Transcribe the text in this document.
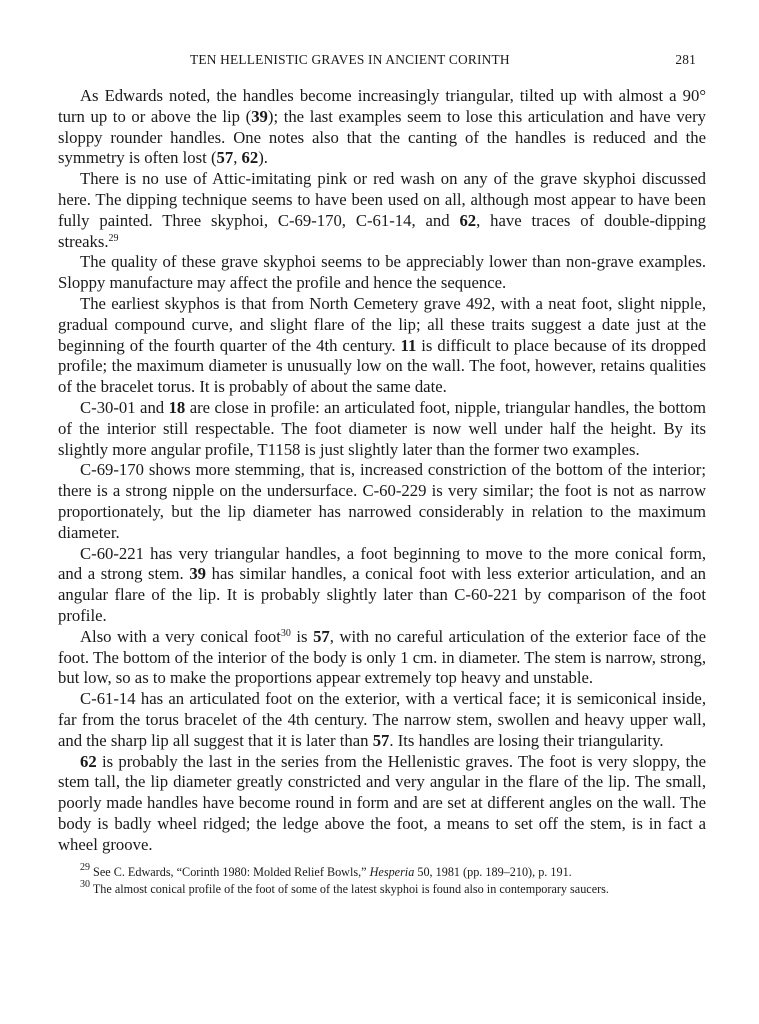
TEN HELLENISTIC GRAVES IN ANCIENT CORINTH	281

As Edwards noted, the handles become increasingly triangular, tilted up with almost a 90° turn up to or above the lip (39); the last examples seem to lose this articulation and have very sloppy rounder handles. One notes also that the canting of the handles is reduced and the symmetry is often lost (57, 62).

There is no use of Attic-imitating pink or red wash on any of the grave skyphoi discussed here. The dipping technique seems to have been used on all, although most appear to have been fully painted. Three skyphoi, C-69-170, C-61-14, and 62, have traces of double-dipping streaks.$^{29}$

The quality of these grave skyphoi seems to be appreciably lower than non-grave examples. Sloppy manufacture may affect the profile and hence the sequence.

The earliest skyphos is that from North Cemetery grave 492, with a neat foot, slight nipple, gradual compound curve, and slight flare of the lip; all these traits suggest a date just at the beginning of the fourth quarter of the 4th century. 11 is difficult to place because of its dropped profile; the maximum diameter is unusually low on the wall. The foot, however, retains qualities of the bracelet torus. It is probably of about the same date.

C-30-01 and 18 are close in profile: an articulated foot, nipple, triangular handles, the bottom of the interior still respectable. The foot diameter is now well under half the height. By its slightly more angular profile, T1158 is just slightly later than the former two examples.

C-69-170 shows more stemming, that is, increased constriction of the bottom of the interior; there is a strong nipple on the undersurface. C-60-229 is very similar; the foot is not as narrow proportionately, but the lip diameter has narrowed considerably in relation to the maximum diameter.

C-60-221 has very triangular handles, a foot beginning to move to the more conical form, and a strong stem. 39 has similar handles, a conical foot with less exterior articulation, and an angular flare of the lip. It is probably slightly later than C-60-221 by comparison of the foot profile.

Also with a very conical foot$^{30}$ is 57, with no careful articulation of the exterior face of the foot. The bottom of the interior of the body is only 1 cm. in diameter. The stem is narrow, strong, but low, so as to make the proportions appear extremely top heavy and unstable.

C-61-14 has an articulated foot on the exterior, with a vertical face; it is semiconical inside, far from the torus bracelet of the 4th century. The narrow stem, swollen and heavy upper wall, and the sharp lip all suggest that it is later than 57. Its handles are losing their triangularity.

62 is probably the last in the series from the Hellenistic graves. The foot is very sloppy, the stem tall, the lip diameter greatly constricted and very angular in the flare of the lip. The small, poorly made handles have become round in form and are set at different angles on the wall. The body is badly wheel ridged; the ledge above the foot, a means to set off the stem, is in fact a wheel groove.

$^{29}$ See C. Edwards, “Corinth 1980: Molded Relief Bowls,” Hesperia 50, 1981 (pp. 189–210), p. 191.

$^{30}$ The almost conical profile of the foot of some of the latest skyphoi is found also in contemporary saucers.
